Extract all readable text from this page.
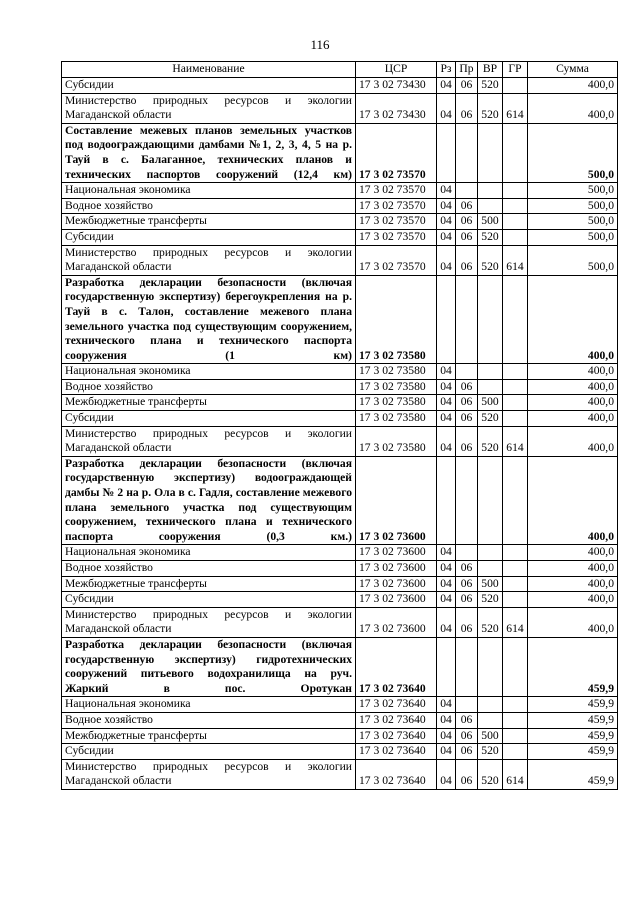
116
Наименование	ЦСР	Рз	Пр	ВР	ГР	Сумма
Субсидии	17 3 02 73430	04	06	520		400,0
Министерство природных ресурсов и экологии Магаданской области	17 3 02 73430	04	06	520	614	400,0
Составление межевых планов земельных участков под водоограждающими дамбами №1, 2, 3, 4, 5 на р. Тауй в с. Балаганное, технических планов и технических паспортов сооружений (12,4 км)	17 3 02 73570					500,0
Национальная экономика	17 3 02 73570	04				500,0
Водное хозяйство	17 3 02 73570	04	06			500,0
Межбюджетные трансферты	17 3 02 73570	04	06	500		500,0
Субсидии	17 3 02 73570	04	06	520		500,0
Министерство природных ресурсов и экологии Магаданской области	17 3 02 73570	04	06	520	614	500,0
Разработка декларации безопасности (включая государственную экспертизу) берегоукрепления на р. Тауй в с. Талон, составление межевого плана земельного участка под существующим сооружением, технического плана и технического паспорта сооружения (1 км)	17 3 02 73580					400,0
Национальная экономика	17 3 02 73580	04				400,0
Водное хозяйство	17 3 02 73580	04	06			400,0
Межбюджетные трансферты	17 3 02 73580	04	06	500		400,0
Субсидии	17 3 02 73580	04	06	520		400,0
Министерство природных ресурсов и экологии Магаданской области	17 3 02 73580	04	06	520	614	400,0
Разработка декларации безопасности (включая государственную экспертизу) водоограждающей дамбы № 2 на р. Ола в с. Гадля, составление межевого плана земельного участка под существующим сооружением, технического плана и технического паспорта сооружения (0,3 км.)	17 3 02 73600					400,0
Национальная экономика	17 3 02 73600	04				400,0
Водное хозяйство	17 3 02 73600	04	06			400,0
Межбюджетные трансферты	17 3 02 73600	04	06	500		400,0
Субсидии	17 3 02 73600	04	06	520		400,0
Министерство природных ресурсов и экологии Магаданской области	17 3 02 73600	04	06	520	614	400,0
Разработка декларации безопасности (включая государственную экспертизу) гидротехнических сооружений питьевого водохранилища на руч. Жаркий в пос. Оротукан	17 3 02 73640					459,9
Национальная экономика	17 3 02 73640	04				459,9
Водное хозяйство	17 3 02 73640	04	06			459,9
Межбюджетные трансферты	17 3 02 73640	04	06	500		459,9
Субсидии	17 3 02 73640	04	06	520		459,9
Министерство природных ресурсов и экологии Магаданской области	17 3 02 73640	04	06	520	614	459,9
